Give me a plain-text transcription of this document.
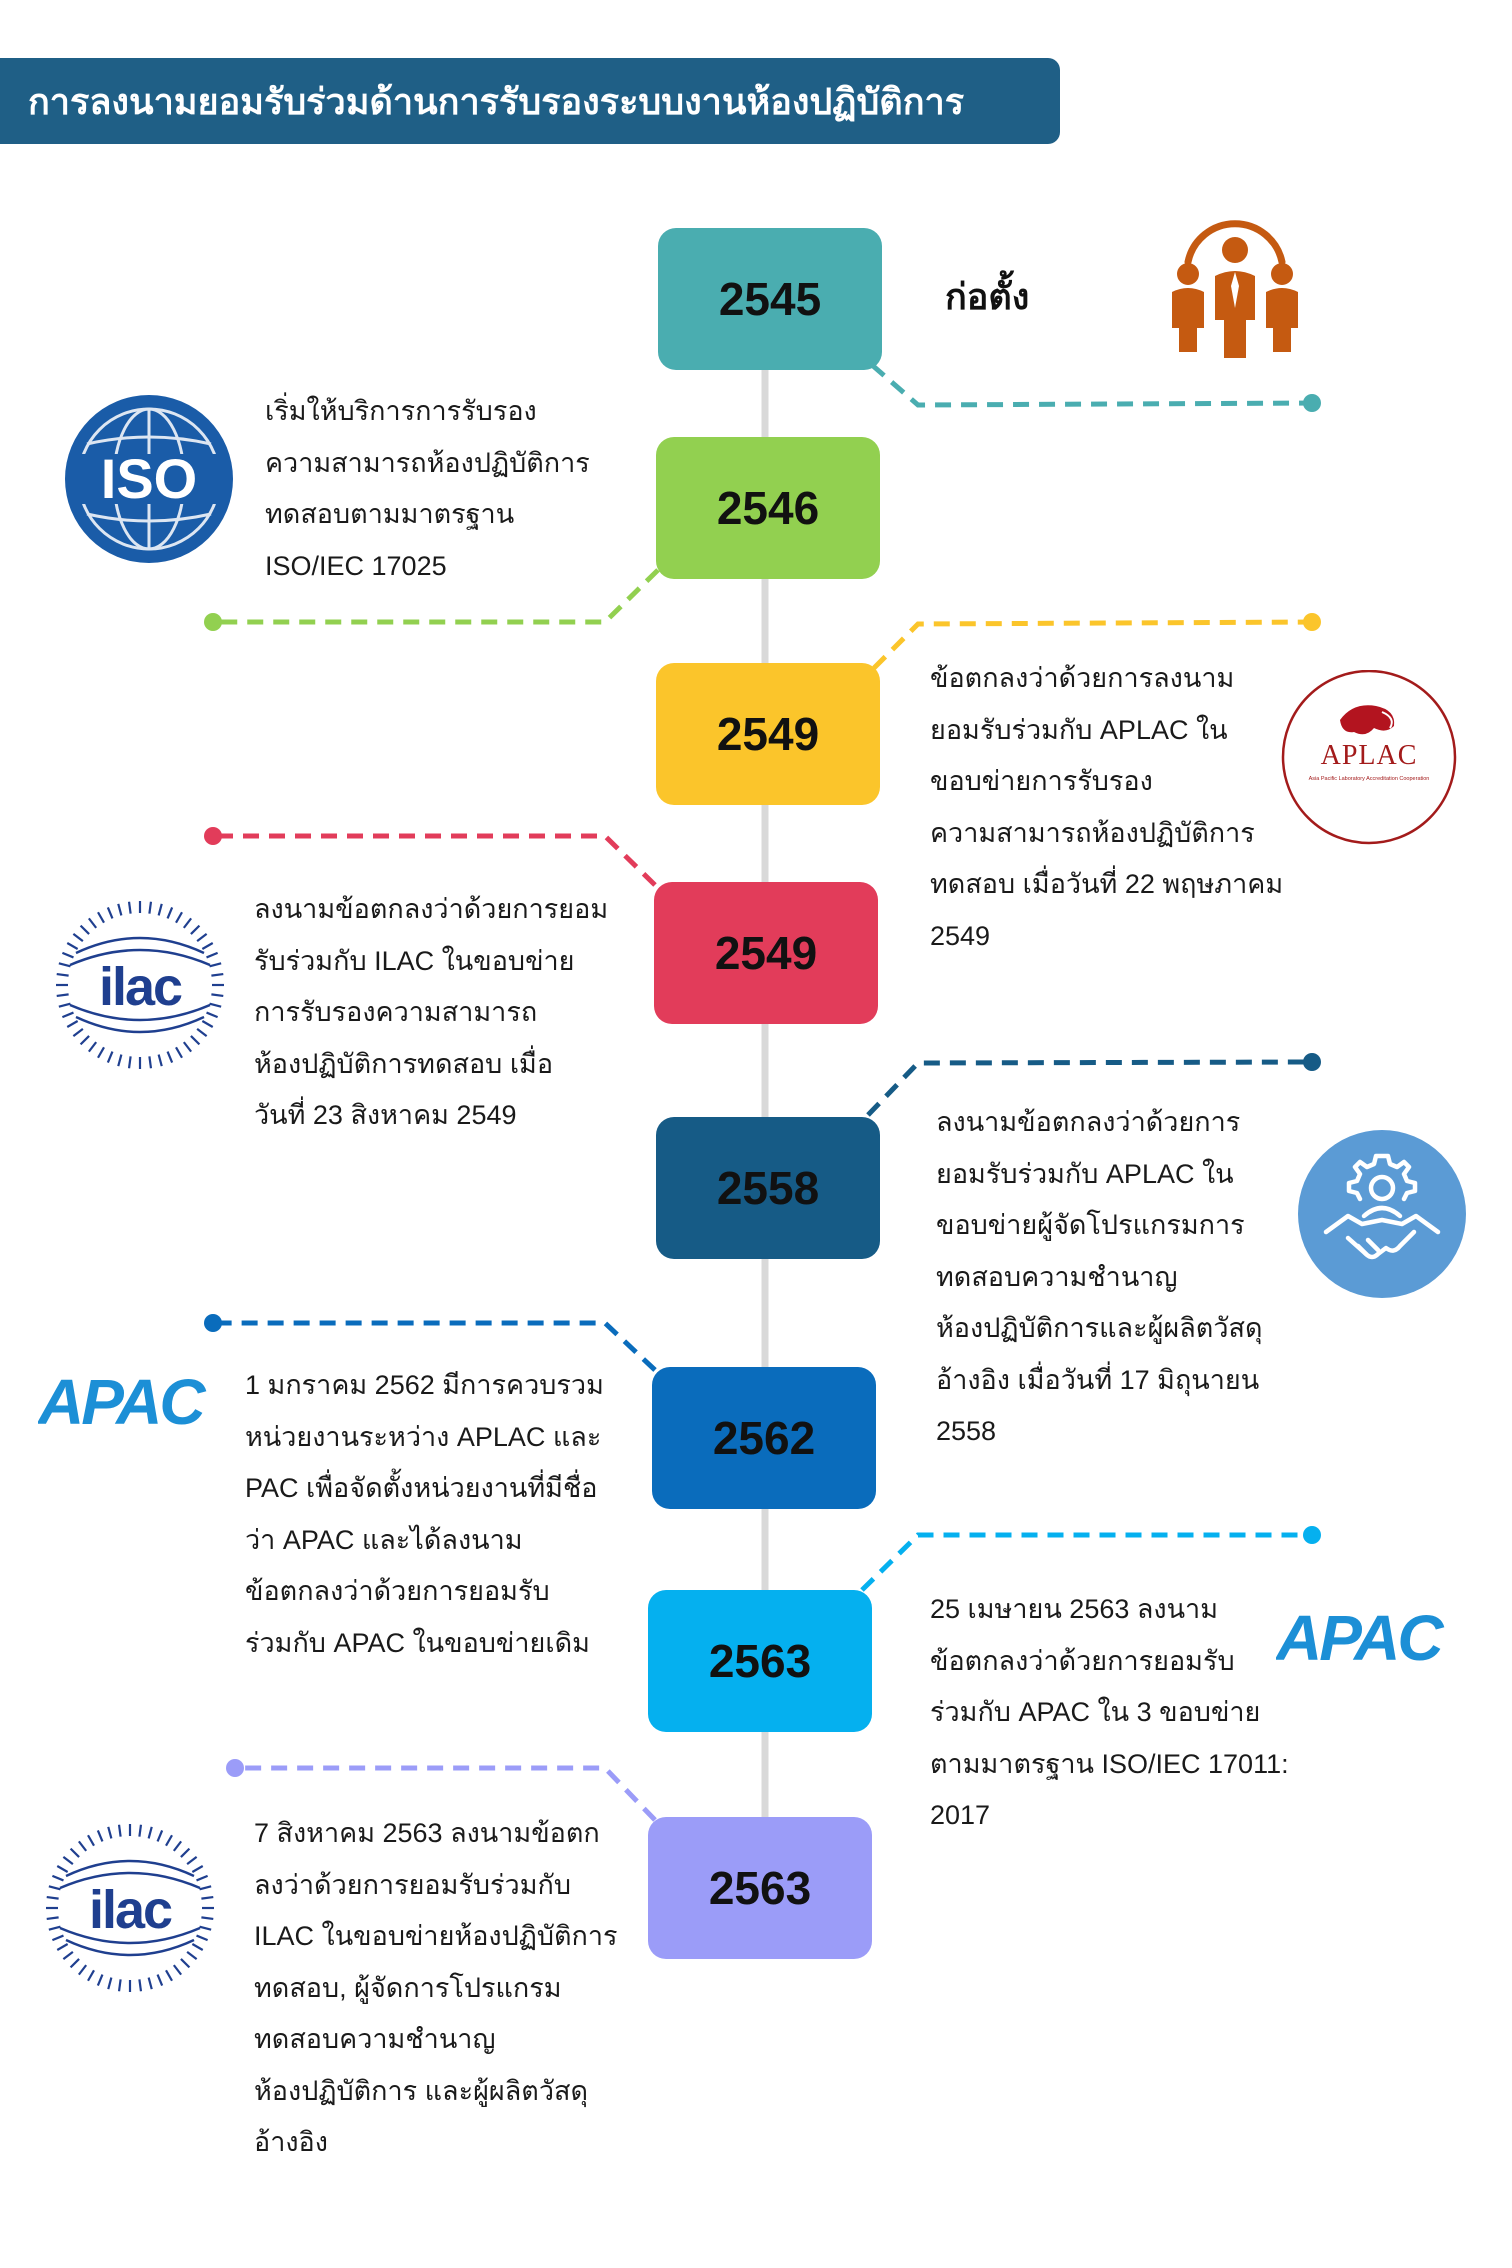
การลงนามยอมรับร่วมด้านการรับรองระบบงานห้องปฏิบัติการ
2545
2546
2549
2549
2558
2562
2563
2563
ก่อตั้ง
เริ่มให้บริการการรับรอง
ความสามารถห้องปฏิบัติการ
ทดสอบตามมาตรฐาน
ISO/IEC 17025
ข้อตกลงว่าด้วยการลงนาม
ยอมรับร่วมกับ APLAC ใน
ขอบข่ายการรับรอง
ความสามารถห้องปฏิบัติการ
ทดสอบ เมื่อวันที่ 22 พฤษภาคม
2549
ลงนามข้อตกลงว่าด้วยการยอม
รับร่วมกับ ILAC ในขอบข่าย
การรับรองความสามารถ
ห้องปฏิบัติการทดสอบ เมื่อ
วันที่ 23 สิงหาคม 2549	ลงนามข้อตกลงว่าด้วยการ
ยอมรับร่วมกับ APLAC ใน
ขอบข่ายผู้จัดโปรแกรมการ
ทดสอบความชำนาญ
ห้องปฏิบัติการและผู้ผลิตวัสดุ
อ้างอิง เมื่อวันที่ 17 มิถุนายน
2558
1 มกราคม 2562 มีการควบรวม
หน่วยงานระหว่าง APLAC และ
PAC เพื่อจัดตั้งหน่วยงานที่มีชื่อ
ว่า APAC และได้ลงนาม
ข้อตกลงว่าด้วยการยอมรับ
ร่วมกับ APAC ในขอบข่ายเดิม
25 เมษายน 2563 ลงนาม
ข้อตกลงว่าด้วยการยอมรับ
ร่วมกับ APAC ใน 3 ขอบข่าย
ตามมาตรฐาน ISO/IEC 17011:
2017
7 สิงหาคม 2563 ลงนามข้อตก
ลงว่าด้วยการยอมรับร่วมกับ
ILAC ในขอบข่ายห้องปฏิบัติการ
ทดสอบ, ผู้จัดการโปรแกรม
ทดสอบความชำนาญ
ห้องปฏิบัติการ และผู้ผลิตวัสดุ
อ้างอิง
ISO
APLAC
Asia Pacific Laboratory Accreditation Cooperation
ilac
APAC
APAC
ilac
